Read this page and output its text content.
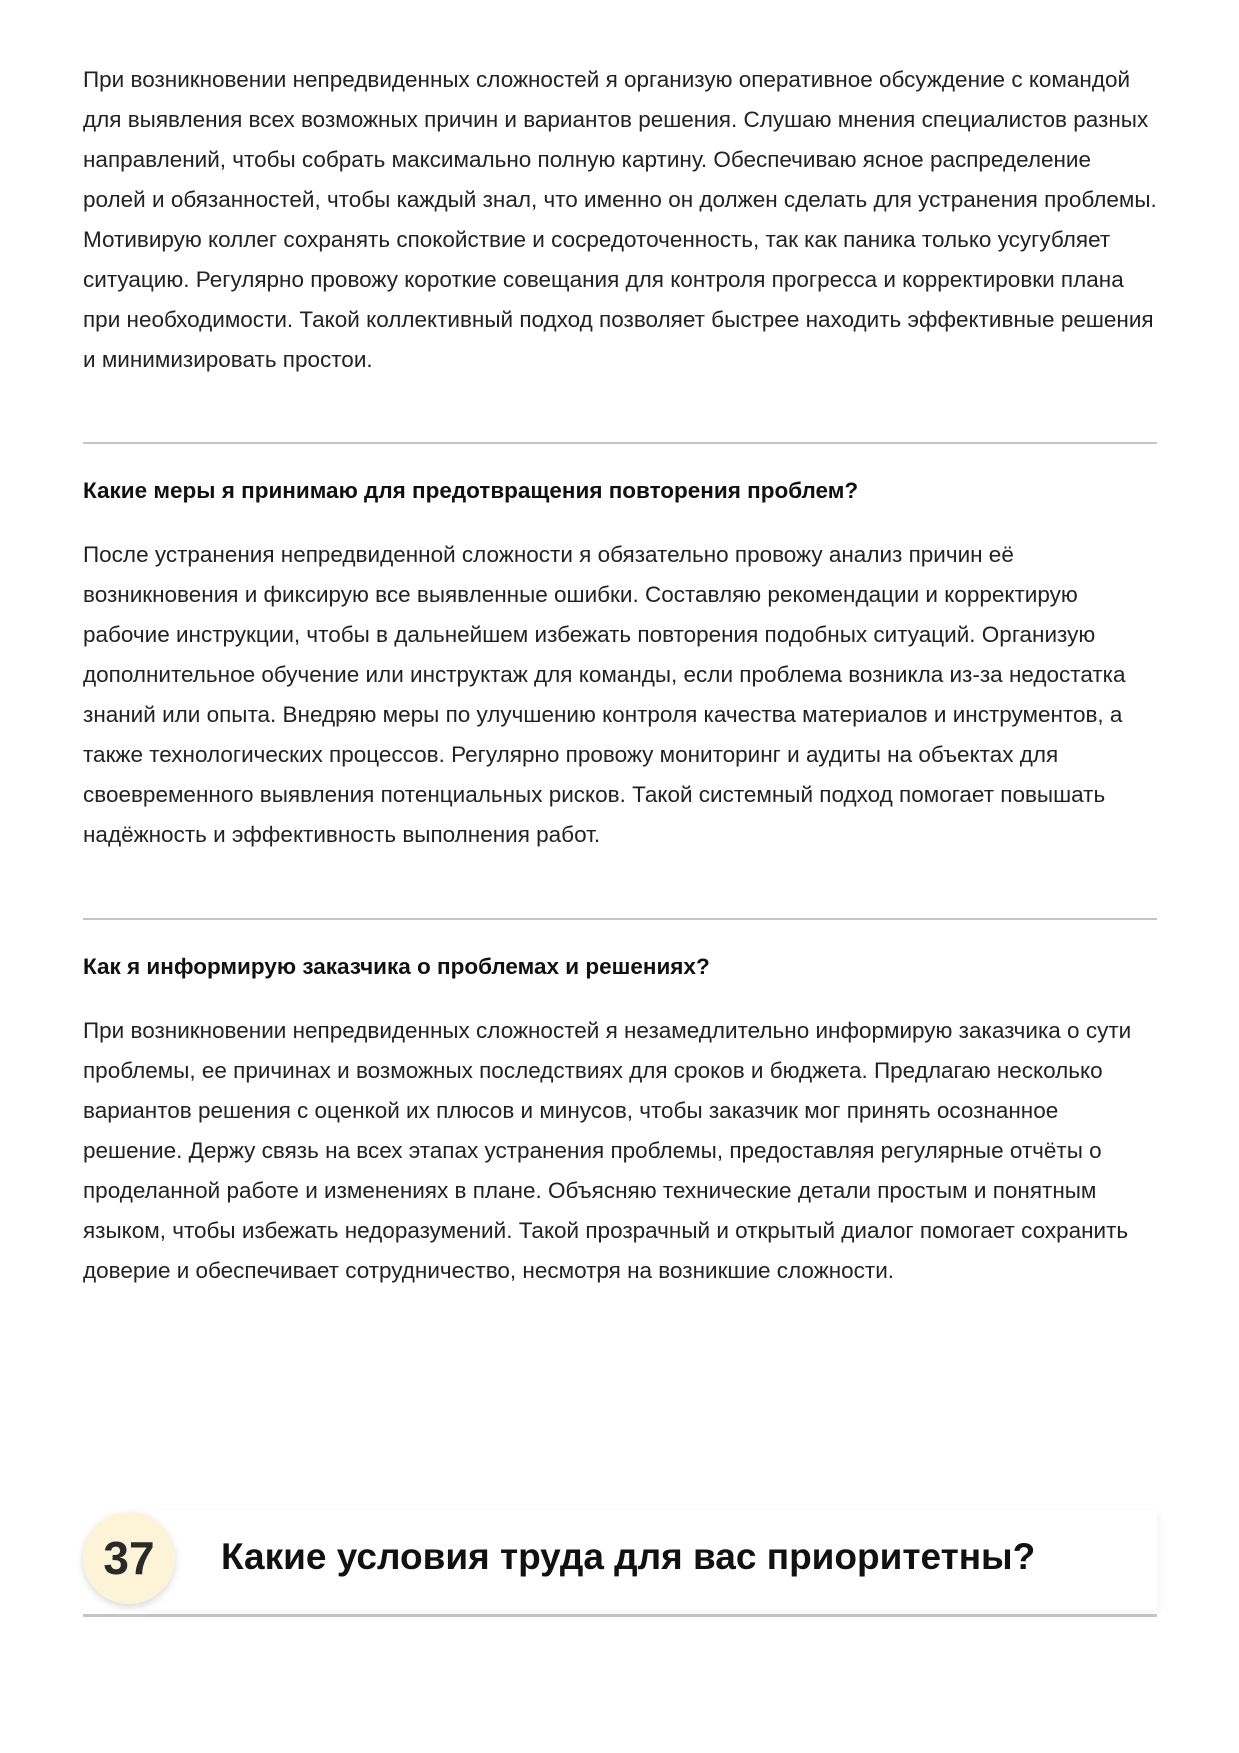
При возникновении непредвиденных сложностей я организую оперативное обсуждение с командой для выявления всех возможных причин и вариантов решения. Слушаю мнения специалистов разных направлений, чтобы собрать максимально полную картину. Обеспечиваю ясное распределение ролей и обязанностей, чтобы каждый знал, что именно он должен сделать для устранения проблемы. Мотивирую коллег сохранять спокойствие и сосредоточенность, так как паника только усугубляет ситуацию. Регулярно провожу короткие совещания для контроля прогресса и корректировки плана при необходимости. Такой коллективный подход позволяет быстрее находить эффективные решения и минимизировать простои.

Какие меры я принимаю для предотвращения повторения проблем?

После устранения непредвиденной сложности я обязательно провожу анализ причин её возникновения и фиксирую все выявленные ошибки. Составляю рекомендации и корректирую рабочие инструкции, чтобы в дальнейшем избежать повторения подобных ситуаций. Организую дополнительное обучение или инструктаж для команды, если проблема возникла из-за недостатка знаний или опыта. Внедряю меры по улучшению контроля качества материалов и инструментов, а также технологических процессов. Регулярно провожу мониторинг и аудиты на объектах для своевременного выявления потенциальных рисков. Такой системный подход помогает повышать надёжность и эффективность выполнения работ.

Как я информирую заказчика о проблемах и решениях?

При возникновении непредвиденных сложностей я незамедлительно информирую заказчика о сути проблемы, ее причинах и возможных последствиях для сроков и бюджета. Предлагаю несколько вариантов решения с оценкой их плюсов и минусов, чтобы заказчик мог принять осознанное решение. Держу связь на всех этапах устранения проблемы, предоставляя регулярные отчёты о проделанной работе и изменениях в плане. Объясняю технические детали простым и понятным языком, чтобы избежать недоразумений. Такой прозрачный и открытый диалог помогает сохранить доверие и обеспечивает сотрудничество, несмотря на возникшие сложности.

37	Какие условия труда для вас приоритетны?
